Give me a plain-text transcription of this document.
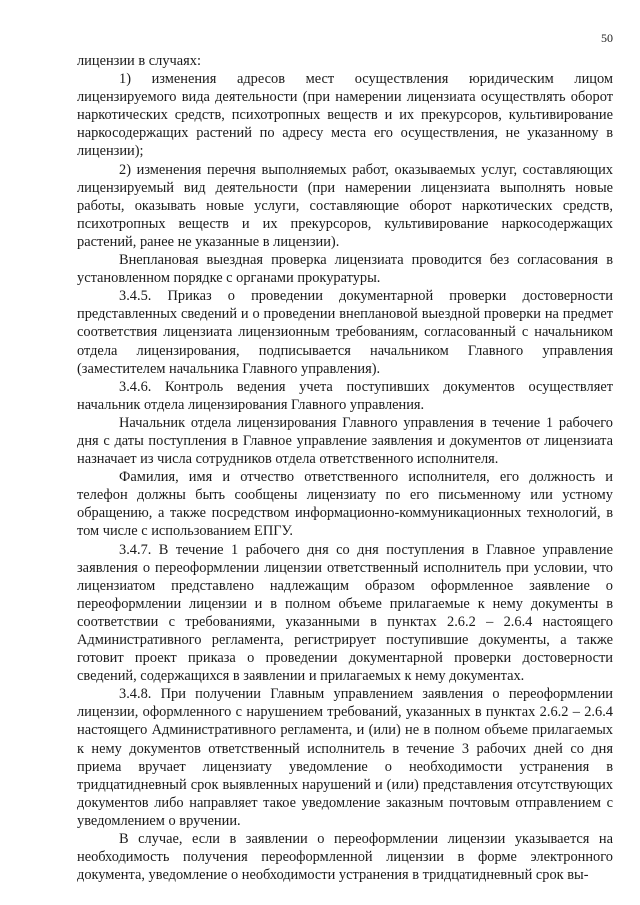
50

лицензии в случаях:

1) изменения адресов мест осуществления юридическим лицом лицензируемого вида деятельности (при намерении лицензиата осуществлять оборот наркотических средств, психотропных веществ и их прекурсоров, культивирование наркосодержащих растений по адресу места его осуществления, не указанному в лицензии);

2) изменения перечня выполняемых работ, оказываемых услуг, составляющих лицензируемый вид деятельности (при намерении лицензиата выполнять новые работы, оказывать новые услуги, составляющие оборот наркотических средств, психотропных веществ и их прекурсоров, культивирование наркосодержащих растений, ранее не указанные в лицензии).

Внеплановая выездная проверка лицензиата проводится без согласования в установленном порядке с органами прокуратуры.

3.4.5. Приказ о проведении документарной проверки достоверности представленных сведений и о проведении внеплановой выездной проверки на предмет соответствия лицензиата лицензионным требованиям, согласованный с начальником отдела лицензирования, подписывается начальником Главного управления (заместителем начальника Главного управления).

3.4.6. Контроль ведения учета поступивших документов осуществляет начальник отдела лицензирования Главного управления.

Начальник отдела лицензирования Главного управления в течение 1 рабочего дня с даты поступления в Главное управление заявления и документов от лицензиата назначает из числа сотрудников отдела ответственного исполнителя.

Фамилия, имя и отчество ответственного исполнителя, его должность и телефон должны быть сообщены лицензиату по его письменному или устному обращению, а также посредством информационно-коммуникационных технологий, в том числе с использованием ЕПГУ.

3.4.7. В течение 1 рабочего дня со дня поступления в Главное управление заявления о переоформлении лицензии ответственный исполнитель при условии, что лицензиатом представлено надлежащим образом оформленное заявление о переоформлении лицензии и в полном объеме прилагаемые к нему документы в соответствии с требованиями, указанными в пунктах 2.6.2 – 2.6.4 настоящего Административного регламента, регистрирует поступившие документы, а также готовит проект приказа о проведении документарной проверки достоверности сведений, содержащихся в заявлении и прилагаемых к нему документах.

3.4.8. При получении Главным управлением заявления о переоформлении лицензии, оформленного с нарушением требований, указанных в пунктах 2.6.2 – 2.6.4 настоящего Административного регламента, и (или) не в полном объеме прилагаемых к нему документов ответственный исполнитель в течение 3 рабочих дней со дня приема вручает лицензиату уведомление о необходимости устранения в тридцатидневный срок выявленных нарушений и (или) представления отсутствующих документов либо направляет такое уведомление заказным почтовым отправлением с уведомлением о вручении.

В случае, если в заявлении о переоформлении лицензии указывается на необходимость получения переоформленной лицензии в форме электронного документа, уведомление о необходимости устранения в тридцатидневный срок вы-
